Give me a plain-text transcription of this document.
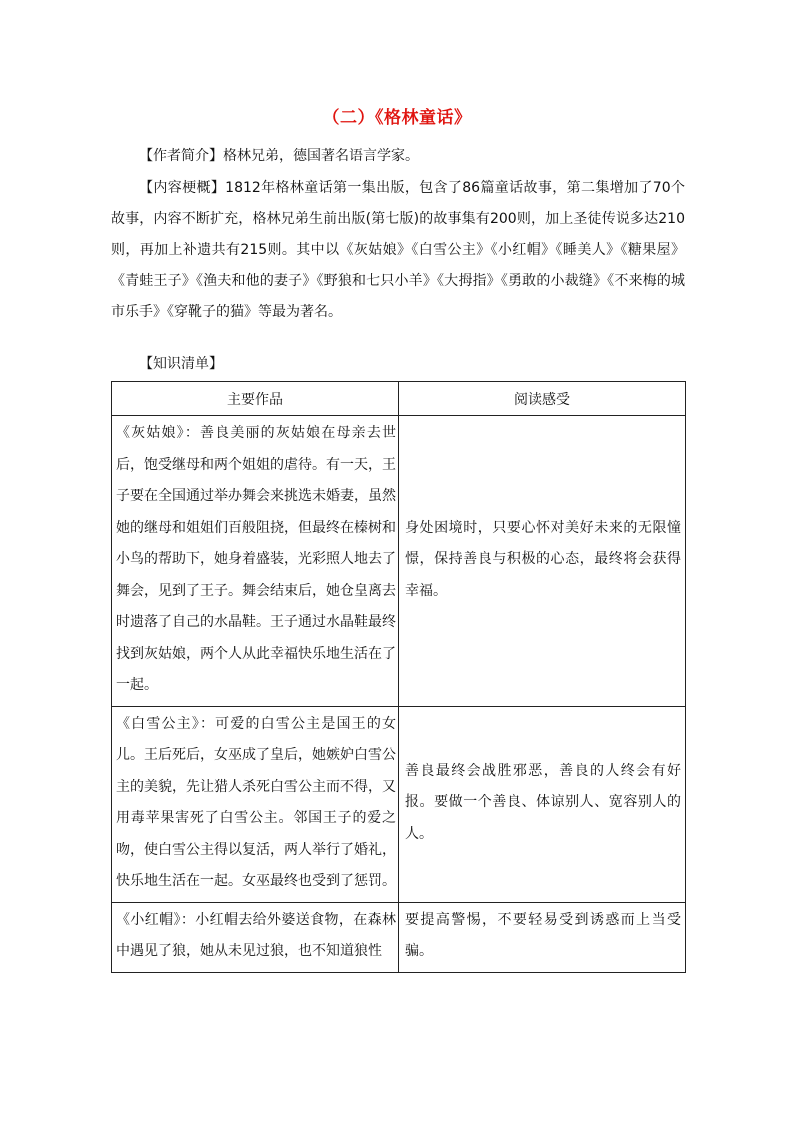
（二）《格林童话》
【作者简介】格林兄弟，德国著名语言学家。
【内容梗概】1812年格林童话第一集出版，包含了86篇童话故事，第二集增加了70个故事，内容不断扩充，格林兄弟生前出版(第七版)的故事集有200则，加上圣徒传说多达210则，再加上补遗共有215则。其中以《灰姑娘》《白雪公主》《小红帽》《睡美人》《糖果屋》《青蛙王子》《渔夫和他的妻子》《野狼和七只小羊》《大拇指》《勇敢的小裁缝》《不来梅的城市乐手》《穿靴子的猫》等最为著名。
【知识清单】
主要作品	阅读感受
《灰姑娘》：善良美丽的灰姑娘在母亲去世后，饱受继母和两个姐姐的虐待。有一天，王子要在全国通过举办舞会来挑选未婚妻，虽然她的继母和姐姐们百般阻挠，但最终在榛树和小鸟的帮助下，她身着盛装，光彩照人地去了舞会，见到了王子。舞会结束后，她仓皇离去时遗落了自己的水晶鞋。王子通过水晶鞋最终找到灰姑娘，两个人从此幸福快乐地生活在了一起。	身处困境时，只要心怀对美好未来的无限憧憬，保持善良与积极的心态，最终将会获得幸福。
《白雪公主》：可爱的白雪公主是国王的女儿。王后死后，女巫成了皇后，她嫉妒白雪公主的美貌，先让猎人杀死白雪公主而不得，又用毒苹果害死了白雪公主。邻国王子的爱之吻，使白雪公主得以复活，两人举行了婚礼，快乐地生活在一起。女巫最终也受到了惩罚。	善良最终会战胜邪恶，善良的人终会有好报。要做一个善良、体谅别人、宽容别人的人。
《小红帽》：小红帽去给外婆送食物，在森林中遇见了狼，她从未见过狼，也不知道狼性	要提高警惕，不要轻易受到诱惑而上当受骗。
